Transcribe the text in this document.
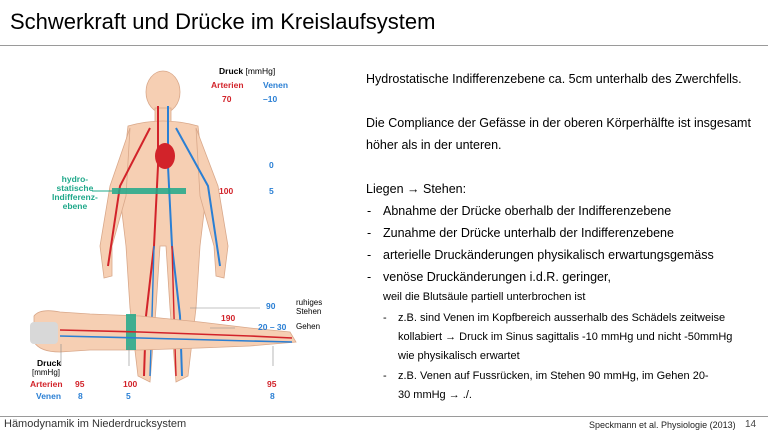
Schwerkraft und Drücke im Kreislaufsystem
Druck [mmHg]
Arterien Venen
70	–10
0
100	5
hydro-
statische
Indifferenz-
ebene
90	ruhiges
Stehen
190
20 – 30 Gehen
Druck
[mmHg]
Arterien
Venen
95
8
100
5
95
8
Hydrostatische Indifferenzebene ca. 5cm unterhalb des Zwerchfells.
Die Compliance der Gefässe in der oberen Körperhälfte ist insgesamt
höher als in der unteren.
Liegen → Stehen:
- Abnahme der Drücke oberhalb der Indifferenzebene
- Zunahme der Drücke unterhalb der Indifferenzebene
- arterielle Druckänderungen physikalisch erwartungsgemäss
- venöse Druckänderungen i.d.R. geringer,
weil die Blutsäule partiell unterbrochen ist
- z.B. sind Venen im Kopfbereich ausserhalb des Schädels zeitweise
kollabiert → Druck im Sinus sagittalis -10 mmHg und nicht -50mmHg
wie physikalisch erwartet
- z.B. Venen auf Fussrücken, im Stehen 90 mmHg, im Gehen 20-
30 mmHg → ./.
Hämodynamik im Niederdrucksystem	Speckmann et al. Physiologie (2013) 14
